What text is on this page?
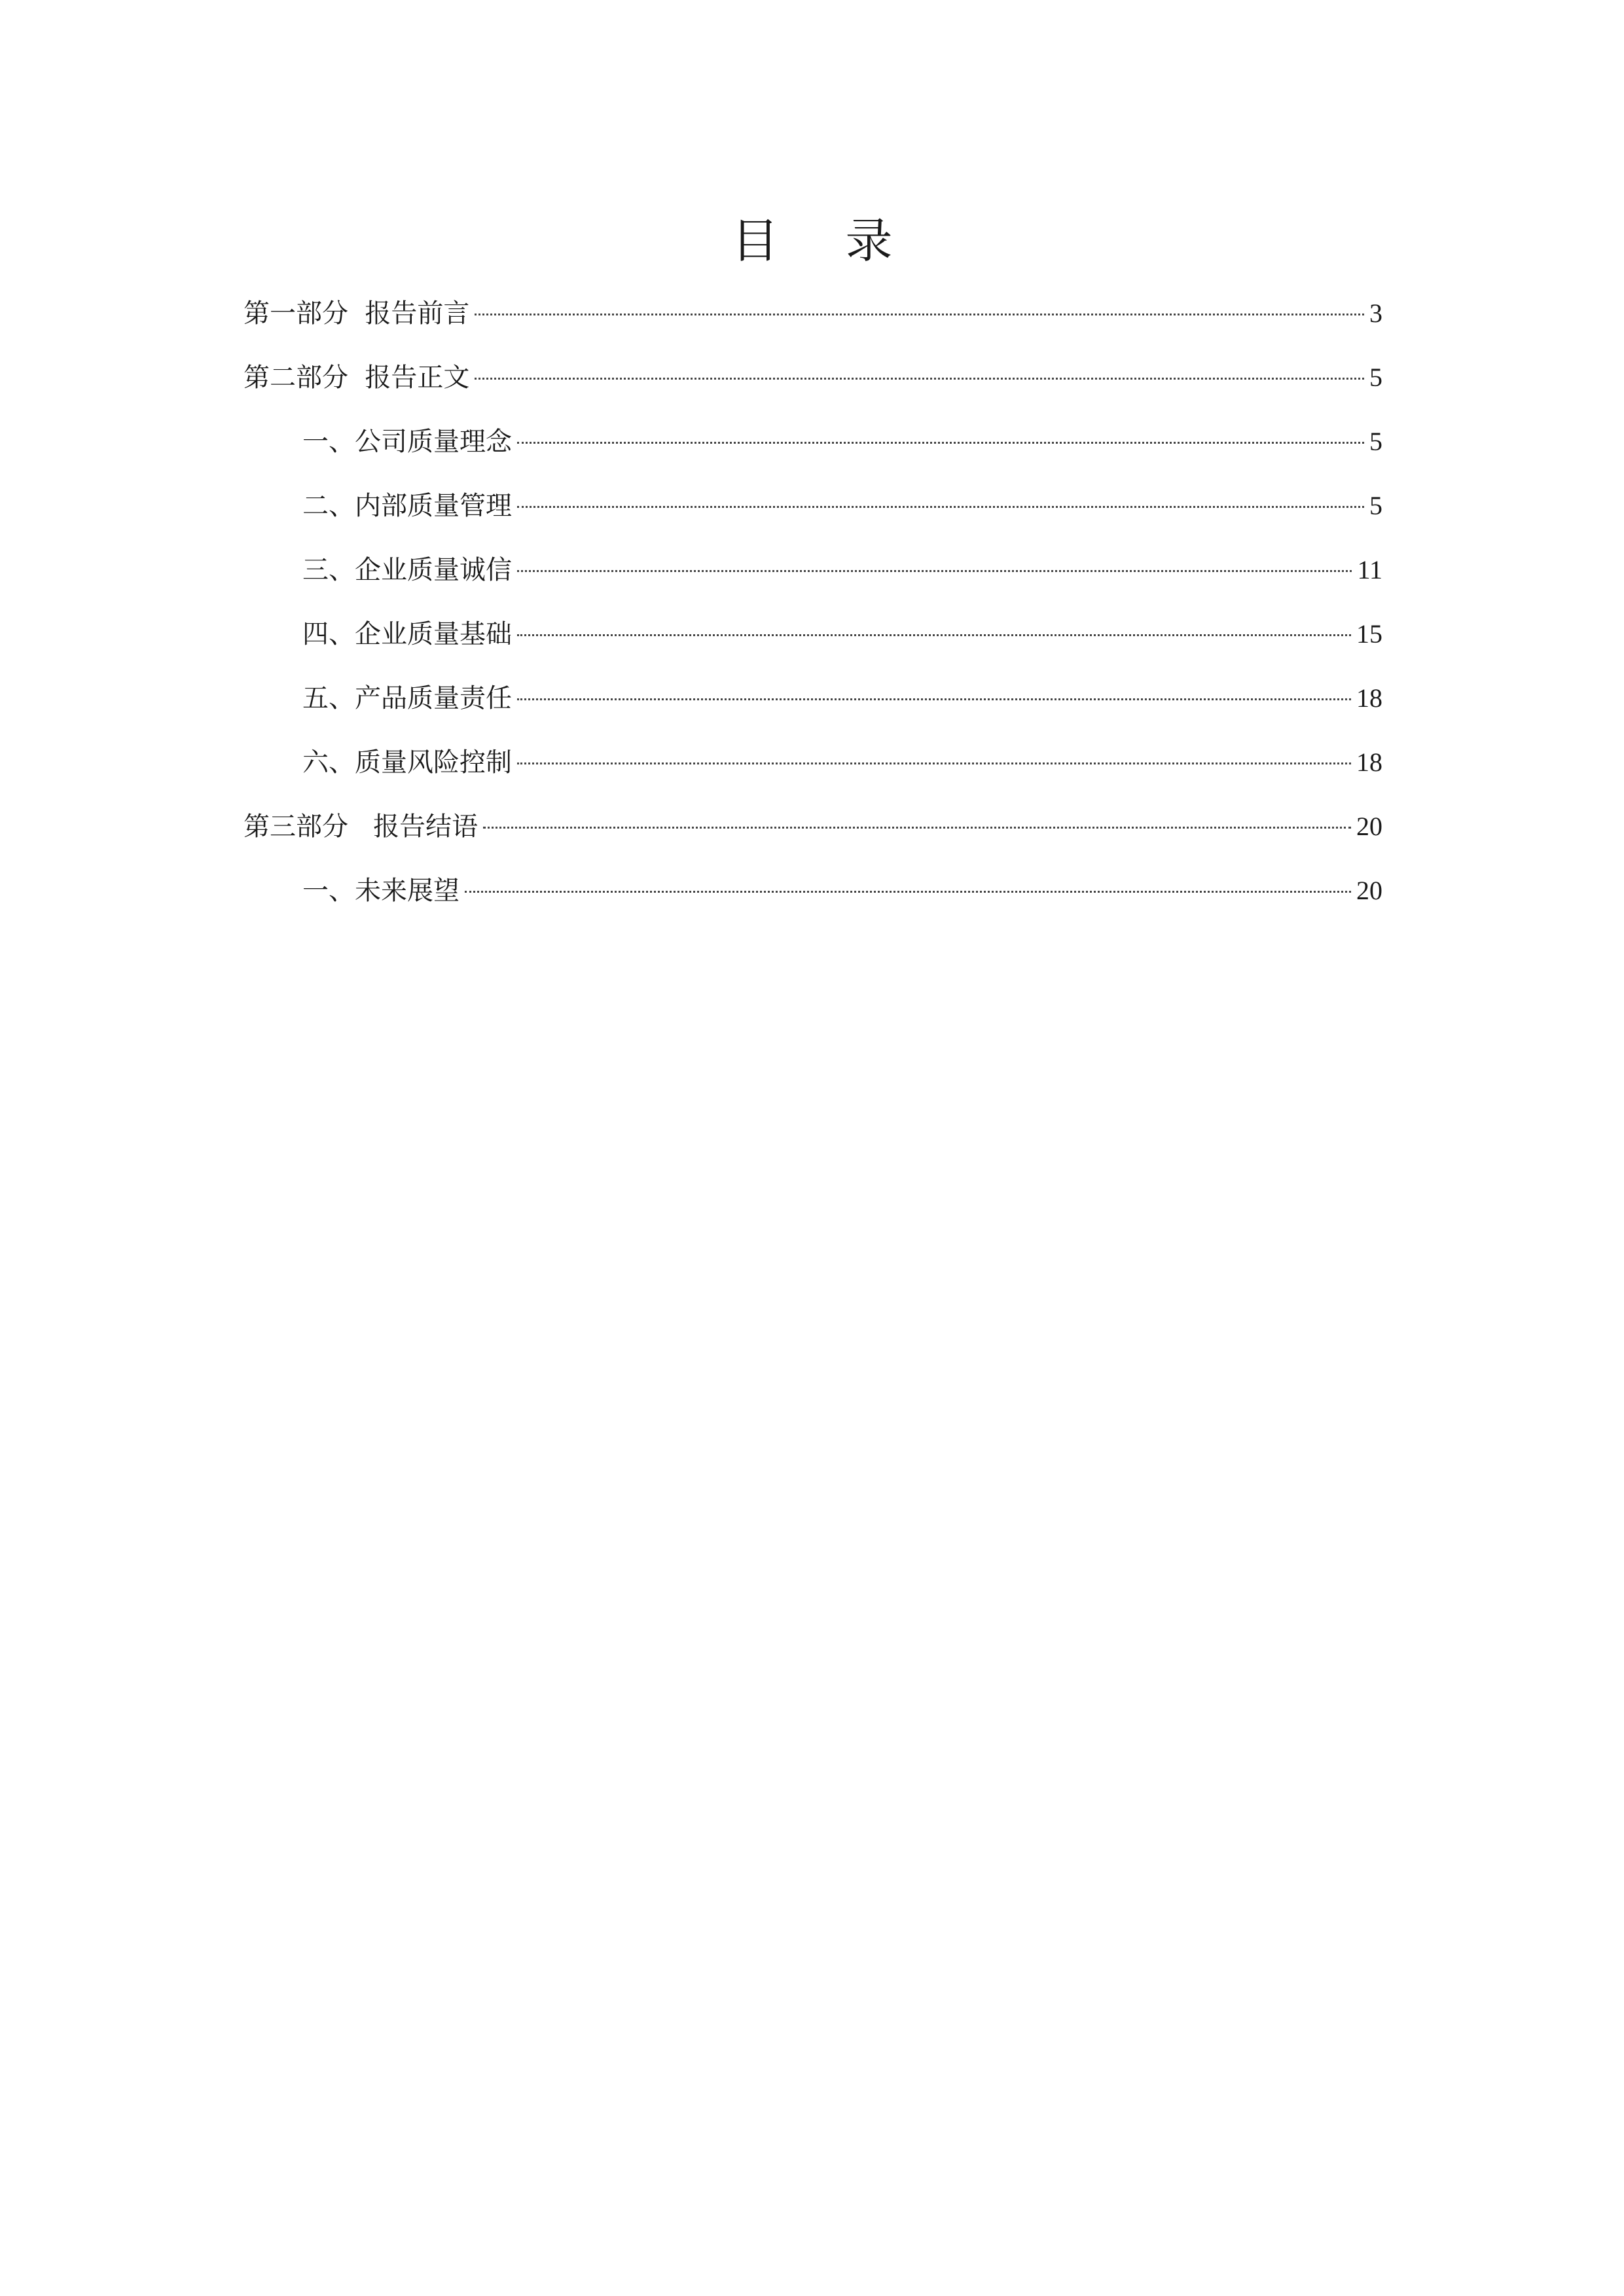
目 录
第一部分  报告前言	3
第二部分  报告正文	5
一、公司质量理念	5
二、内部质量管理	5
三、企业质量诚信	11
四、企业质量基础	15
五、产品质量责任	18
六、质量风险控制	18
第三部分   报告结语	20
一、未来展望	20
